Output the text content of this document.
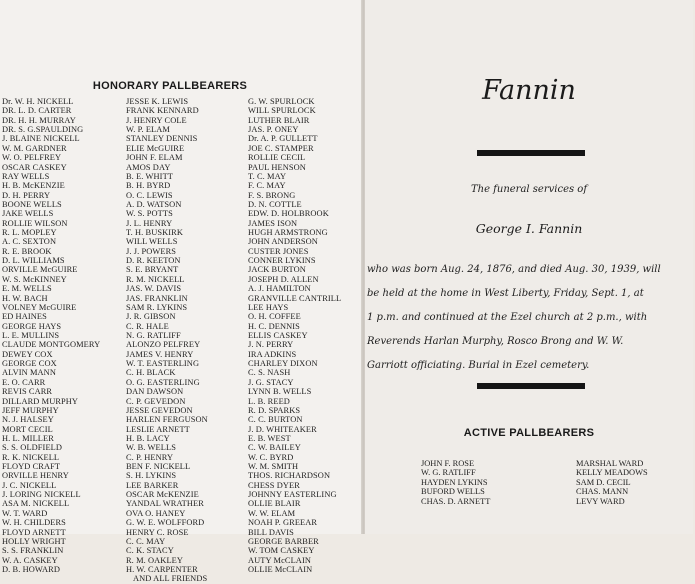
HONORARY PALLBEARERS
Dr. W. H. NICKELL
DR. L. D. CARTER
DR. H. H. MURRAY
DR. S. G.SPAULDING
J. BLAINE NICKELL
W. M. GARDNER
W. O. PELFREY
OSCAR CASKEY
RAY WELLS
H. B. McKENZIE
D. H. PERRY
BOONE WELLS
JAKE WELLS
ROLLIE WILSON
R. L. MOPLEY
A. C. SEXTON
R. E. BROOK
D. L. WILLIAMS
ORVILLE McGUIRE
W. S. McKINNEY
E. M. WELLS
H. W. BACH
VOLNEY McGUIRE
ED HAINES
GEORGE HAYS
L. E. MULLINS
CLAUDE MONTGOMERY
DEWEY COX
GEORGE COX
ALVIN MANN
E. O. CARR
REVIS CARR
DILLARD MURPHY
JEFF MURPHY
N. J. HALSEY
MORT CECIL
H. L. MILLER
S. S. OLDFIELD
R. K. NICKELL
FLOYD CRAFT
ORVILLE HENRY
J. C. NICKELL
J. LORING NICKELL
ASA M. NICKELL
W. T. WARD
W. H. CHILDERS
FLOYD ARNETT
HOLLY WRIGHT
S. S. FRANKLIN
W. A. CASKEY
D. B. HOWARD
JESSE K. LEWIS
FRANK KENNARD
J. HENRY COLE
W. P. ELAM
STANLEY DENNIS
ELIE McGUIRE
JOHN F. ELAM
AMOS DAY
B. E. WHITT
B. H. BYRD
O. C. LEWIS
A. D. WATSON
W. S. POTTS
J. L. HENRY
T. H. BUSKIRK
WILL WELLS
J. J. POWERS
D. R. KEETON
S. E. BRYANT
R. M. NICKELL
JAS. W. DAVIS
JAS. FRANKLIN
SAM R. LYKINS
J. R. GIBSON
C. R. HALE
N. G. RATLIFF
ALONZO PELFREY
JAMES V. HENRY
W. T. EASTERLING
C. H. BLACK
O. G. EASTERLING
DAN DAWSON
C. P. GEVEDON
JESSE GEVEDON
HARLEN FERGUSON
LESLIE ARNETT
H. B. LACY
W. B. WELLS
C. P. HENRY
BEN F. NICKELL
S. H. LYKINS
LEE BARKER
OSCAR McKENZIE
YANDAL WRATHER
OVA O. HANEY
G. W. E. WOLFFORD
HENRY C. ROSE
C. C. MAY
C. K. STACY
R. M. OAKLEY
H. W. CARPENTER
AND ALL FRIENDS
G. W. SPURLOCK
WILL SPURLOCK
LUTHER BLAIR
JAS. P. ONEY
Dr. A. P. GULLETT
JOE C. STAMPER
ROLLIE CECIL
PAUL HENSON
T. C. MAY
F. C. MAY
F. S. BRONG
D. N. COTTLE
EDW. D. HOLBROOK
JAMES ISON
HUGH ARMSTRONG
JOHN ANDERSON
CUSTER JONES
CONNER LYKINS
JACK BURTON
JOSEPH D. ALLEN
A. J. HAMILTON
GRANVILLE CANTRILL
LEE HAYS
O. H. COFFEE
H. C. DENNIS
ELLIS CASKEY
J. N. PERRY
IRA ADKINS
CHARLEY DIXON
C. S. NASH
J. G. STACY
LYNN B. WELLS
L. B. REED
R. D. SPARKS
C. C. BURTON
J. D. WHITEAKER
E. B. WEST
C. W. BAILEY
W. C. BYRD
W. M. SMITH
THOS. RICHARDSON
CHESS DYER
JOHNNY EASTERLING
OLLIE BLAIR
W. W. ELAM
NOAH P. GREEAR
BILL DAVIS
GEORGE BARBER
W. TOM CASKEY
AUTY McCLAIN
OLLIE McCLAIN
Fannin
The funeral services of
George I. Fannin
who was born Aug. 24, 1876, and died Aug. 30, 1939, will
be held at the home in West Liberty, Friday, Sept. 1, at
1 p.m. and continued at the Ezel church at 2 p.m., with
Reverends Harlan Murphy, Rosco Brong and W. W.
Garriott officiating. Burial in Ezel cemetery.
ACTIVE PALLBEARERS
JOHN F. ROSE
W. G. RATLIFF
HAYDEN LYKINS
BUFORD WELLS
CHAS. D. ARNETT
MARSHAL WARD
KELLY MEADOWS
SAM D. CECIL
CHAS. MANN
LEVY WARD
